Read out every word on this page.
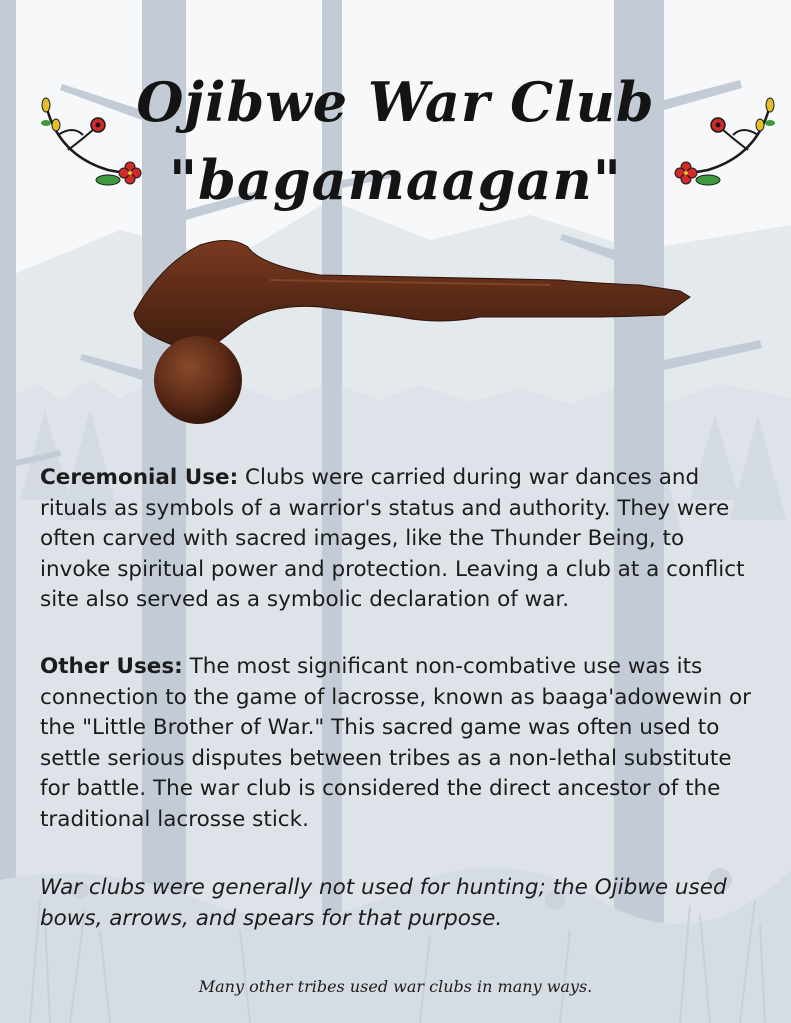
Ojibwe War Club
"bagamaagan"
Ceremonial Use: Clubs were carried during war dances and rituals as symbols of a warrior's status and authority. They were often carved with sacred images, like the Thunder Being, to invoke spiritual power and protection. Leaving a club at a conflict site also served as a symbolic declaration of war.
Other Uses: The most significant non-combative use was its connection to the game of lacrosse, known as baaga'adowewin or the "Little Brother of War." This sacred game was often used to settle serious disputes between tribes as a non-lethal substitute for battle. The war club is considered the direct ancestor of the traditional lacrosse stick.
War clubs were generally not used for hunting; the Ojibwe used bows, arrows, and spears for that purpose.
Many other tribes used war clubs in many ways.
